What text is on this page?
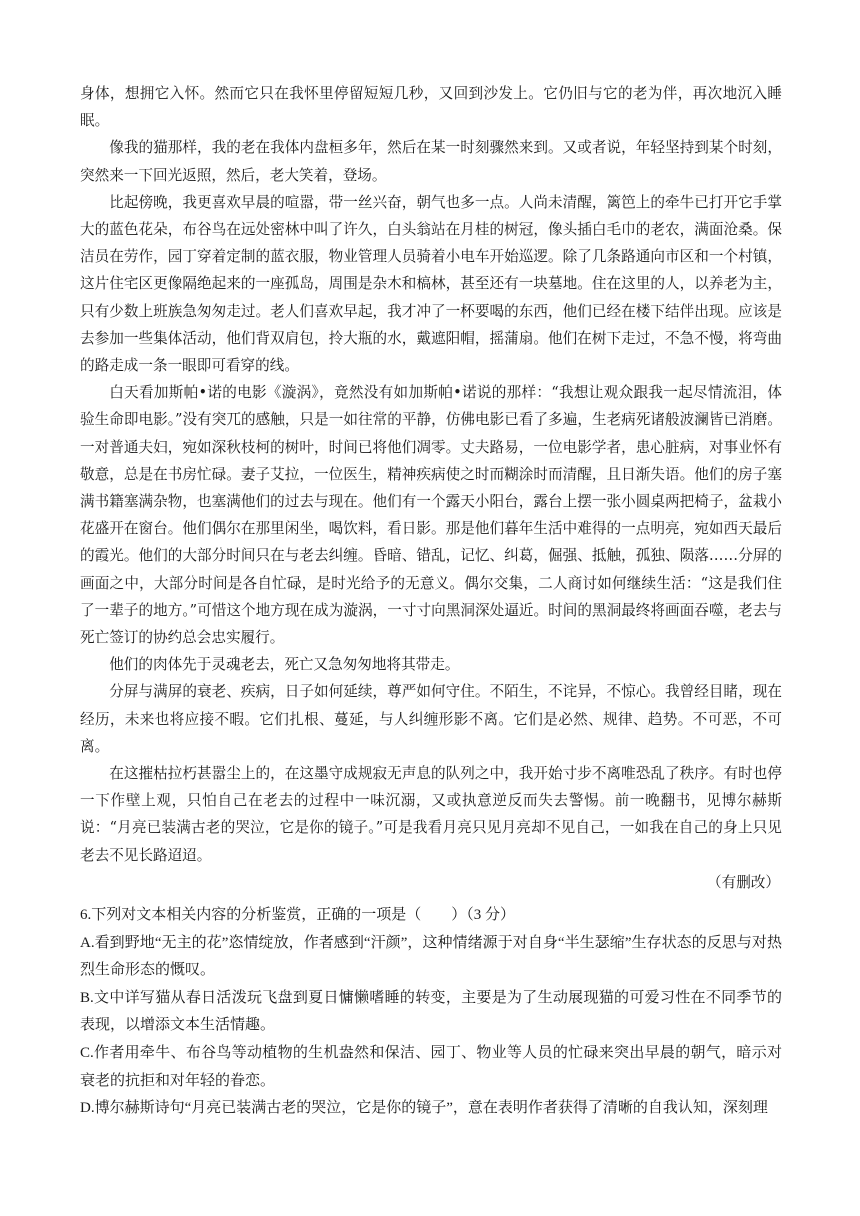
身体，想拥它入怀。然而它只在我怀里停留短短几秒，又回到沙发上。它仍旧与它的老为伴，再次地沉入睡眠。

像我的猫那样，我的老在我体内盘桓多年，然后在某一时刻骤然来到。又或者说，年轻坚持到某个时刻，突然来一下回光返照，然后，老大笑着，登场。

比起傍晚，我更喜欢早晨的喧嚣，带一丝兴奋，朝气也多一点。人尚未清醒，篱笆上的牵牛已打开它手掌大的蓝色花朵，布谷鸟在远处密林中叫了许久，白头翁站在月桂的树冠，像头插白毛巾的老农，满面沧桑。保洁员在劳作，园丁穿着定制的蓝衣服，物业管理人员骑着小电车开始巡逻。除了几条路通向市区和一个村镇，这片住宅区更像隔绝起来的一座孤岛，周围是杂木和槁林，甚至还有一块墓地。住在这里的人，以养老为主，只有少数上班族急匆匆走过。老人们喜欢早起，我才冲了一杯要喝的东西，他们已经在楼下结伴出现。应该是去参加一些集体活动，他们背双肩包，拎大瓶的水，戴遮阳帽，摇蒲扇。他们在树下走过，不急不慢，将弯曲的路走成一条一眼即可看穿的线。

白天看加斯帕•诺的电影《漩涡》，竟然没有如加斯帕•诺说的那样：“我想让观众跟我一起尽情流泪，体验生命即电影。”没有突兀的感触，只是一如往常的平静，仿佛电影已看了多遍，生老病死诸般波澜皆已消磨。一对普通夫妇，宛如深秋枝柯的树叶，时间已将他们凋零。丈夫路易，一位电影学者，患心脏病，对事业怀有敬意，总是在书房忙碌。妻子艾拉，一位医生，精神疾病使之时而糊涂时而清醒，且日渐失语。他们的房子塞满书籍塞满杂物，也塞满他们的过去与现在。他们有一个露天小阳台，露台上摆一张小圆桌两把椅子，盆栽小花盛开在窗台。他们偶尔在那里闲坐，喝饮料，看日影。那是他们暮年生活中难得的一点明亮，宛如西天最后的霞光。他们的大部分时间只在与老去纠缠。昏暗、错乱，记忆、纠葛，倔强、抵触，孤独、陨落……分屏的画面之中，大部分时间是各自忙碌，是时光给予的无意义。偶尔交集，二人商讨如何继续生活：“这是我们住了一辈子的地方。”可惜这个地方现在成为漩涡，一寸寸向黑洞深处逼近。时间的黑洞最终将画面吞噬，老去与死亡签订的协约总会忠实履行。

他们的肉体先于灵魂老去，死亡又急匆匆地将其带走。

分屏与满屏的衰老、疾病，日子如何延续，尊严如何守住。不陌生，不诧异，不惊心。我曾经目睹，现在经历，未来也将应接不暇。它们扎根、蔓延，与人纠缠形影不离。它们是必然、规律、趋势。不可恶，不可离。

在这摧枯拉朽甚嚣尘上的，在这墨守成规寂无声息的队列之中，我开始寸步不离唯恐乱了秩序。有时也停一下作壁上观，只怕自己在老去的过程中一味沉溺，又或执意逆反而失去警惕。前一晚翻书，见博尔赫斯说：“月亮已装满古老的哭泣，它是你的镜子。”可是我看月亮只见月亮却不见自己，一如我在自己的身上只见老去不见长路迢迢。

（有删改）

6.下列对文本相关内容的分析鉴赏，正确的一项是（　　）（3 分）

A.看到野地“无主的花”恣情绽放，作者感到“汗颜”，这种情绪源于对自身“半生瑟缩”生存状态的反思与对热烈生命形态的慨叹。

B.文中详写猫从春日活泼玩飞盘到夏日慵懒嗜睡的转变，主要是为了生动展现猫的可爱习性在不同季节的表现，以增添文本生活情趣。

C.作者用牵牛、布谷鸟等动植物的生机盎然和保洁、园丁、物业等人员的忙碌来突出早晨的朝气，暗示对衰老的抗拒和对年轻的眷恋。

D.博尔赫斯诗句“月亮已装满古老的哭泣，它是你的镜子”，意在表明作者获得了清晰的自我认知，深刻理
